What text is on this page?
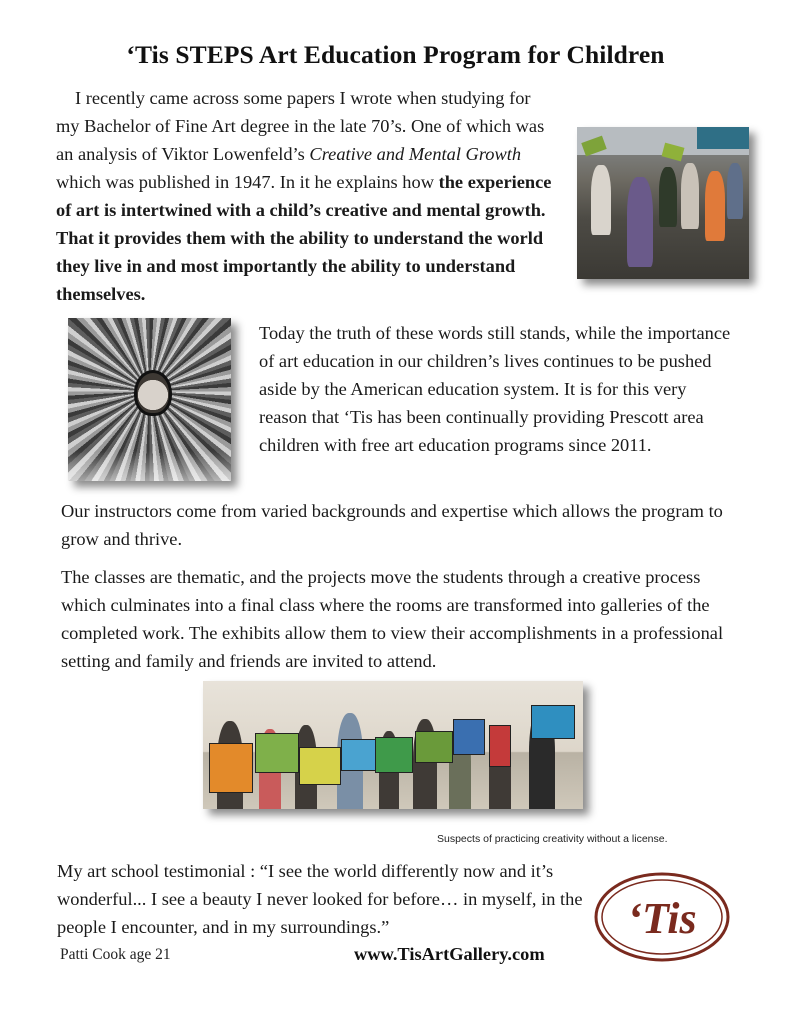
‘Tis STEPS Art Education Program for Children

I recently came across some papers I wrote when studying for my Bachelor of Fine Art degree in the late 70’s. One of which was an analysis of Viktor Lowenfeld’s Creative and Mental Growth which was published in 1947. In it he explains how the experience of art is intertwined with a child’s creative and mental growth. That it provides them with the ability to understand the world they live in and most importantly the ability to understand themselves.

Today the truth of these words still stands, while the importance of art education in our children’s lives continues to be pushed aside by the American education system. It is for this very reason that ‘Tis has been continually providing Prescott area children with free art education programs since 2011.

Our instructors come from varied backgrounds and expertise which allows the program to grow and thrive.

The classes are thematic, and the projects move the students through a creative process which culminates into a final class where the rooms are transformed into galleries of the completed work. The exhibits allow them to view their accomplishments in a professional setting and family and friends are invited to attend.

Suspects of practicing creativity without a license.

My art school testimonial : “I see the world differently now and it’s wonderful... I see a beauty I never looked for before… in myself, in the people I encounter, and in my surroundings.”

Patti Cook age 21	www.TisArtGallery.com
‘Tis
